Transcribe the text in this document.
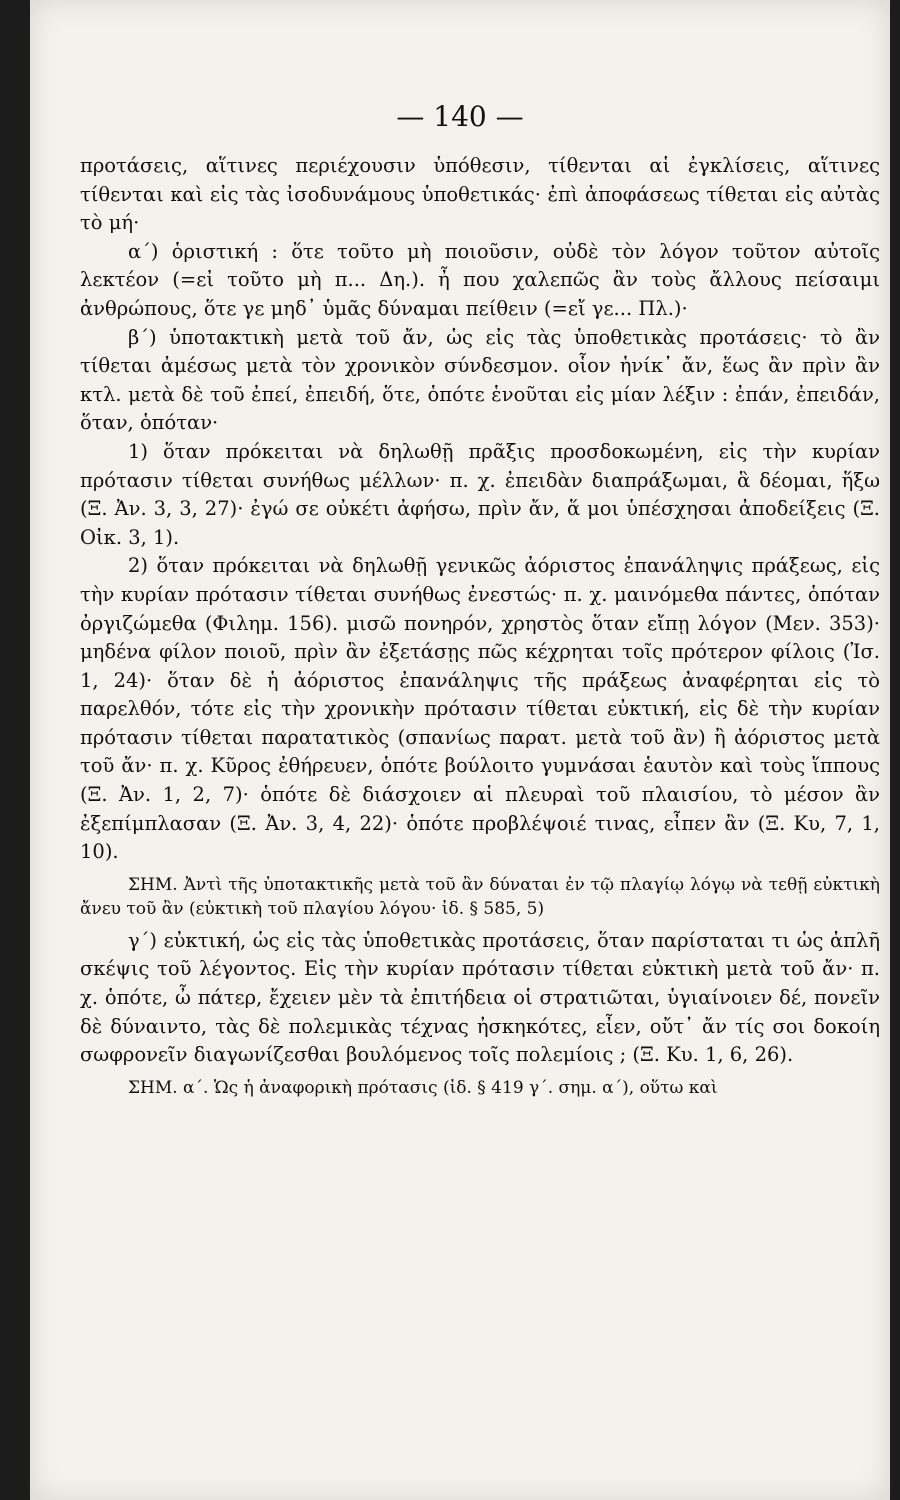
— 140 —

προτάσεις, αἵτινες περιέχουσιν ὑπόθεσιν, τίθενται αἱ ἐγκλίσεις, αἵτινες τίθενται καὶ εἰς τὰς ἰσοδυνάμους ὑποθετικάς· ἐπὶ ἀποφάσεως τίθεται εἰς αὐτὰς τὸ μή·

α΄) ὁριστική : ὅτε τοῦτο μὴ ποιοῦσιν, οὐδὲ τὸν λόγον τοῦτον αὐτοῖς λεκτέον (=εἰ τοῦτο μὴ π... Δη.). ἦ που χαλεπῶς ἂν τοὺς ἄλλους πείσαιμι ἀνθρώπους, ὅτε γε μηδ᾿ ὑμᾶς δύναμαι πείθειν (=εἴ γε... Πλ.)·

β΄) ὑποτακτικὴ μετὰ τοῦ ἄν, ὡς εἰς τὰς ὑποθετικὰς προτάσεις· τὸ ἂν τίθεται ἀμέσως μετὰ τὸν χρονικὸν σύνδεσμον. οἷον ἡνίκ᾿ ἄν, ἕως ἂν πρὶν ἂν κτλ. μετὰ δὲ τοῦ ἐπεί, ἐπειδή, ὅτε, ὁπότε ἑνοῦται εἰς μίαν λέξιν : ἐπάν, ἐπειδάν, ὅταν, ὁπόταν·

1) ὅταν πρόκειται νὰ δηλωθῇ πρᾶξις προσδοκωμένη, εἰς τὴν κυρίαν πρότασιν τίθεται συνήθως μέλλων· π. χ. ἐπειδὰν διαπράξωμαι, ἃ δέομαι, ἥξω (Ξ. Ἀν. 3, 3, 27)· ἐγώ σε οὐκέτι ἀφήσω, πρὶν ἄν, ἅ μοι ὑπέσχησαι ἀποδείξεις (Ξ. Οἰκ. 3, 1).

2) ὅταν πρόκειται νὰ δηλωθῇ γενικῶς ἀόριστος ἐπανάληψις πράξεως, εἰς τὴν κυρίαν πρότασιν τίθεται συνήθως ἐνεστώς· π. χ. μαινόμεθα πάντες, ὁπόταν ὀργιζώμεθα (Φιλημ. 156). μισῶ πονηρόν, χρηστὸς ὅταν εἴπῃ λόγον (Μεν. 353)· μηδένα φίλον ποιοῦ, πρὶν ἂν ἐξετάσῃς πῶς κέχρηται τοῖς πρότερον φίλοις (Ἰσ. 1, 24)· ὅταν δὲ ἡ ἀόριστος ἐπανάληψις τῆς πράξεως ἀναφέρηται εἰς τὸ παρελθόν, τότε εἰς τὴν χρονικὴν πρότασιν τίθεται εὐκτική, εἰς δὲ τὴν κυρίαν πρότασιν τίθεται παρατατικὸς (σπανίως παρατ. μετὰ τοῦ ἂν) ἢ ἀόριστος μετὰ τοῦ ἄν· π. χ. Κῦρος ἐθήρευεν, ὁπότε βούλοιτο γυμνάσαι ἑαυτὸν καὶ τοὺς ἵππους (Ξ. Ἀν. 1, 2, 7)· ὁπότε δὲ διάσχοιεν αἱ πλευραὶ τοῦ πλαισίου, τὸ μέσον ἂν ἐξεπίμπλασαν (Ξ. Ἀν. 3, 4, 22)· ὁπότε προβλέψοιέ τινας, εἶπεν ἂν (Ξ. Κυ, 7, 1, 10).

ΣΗΜ. Ἀντὶ τῆς ὑποτακτικῆς μετὰ τοῦ ἂν δύναται ἐν τῷ πλαγίῳ λόγῳ νὰ τεθῇ εὐκτικὴ ἄνευ τοῦ ἂν (εὐκτικὴ τοῦ πλαγίου λόγου· ἰδ. § 585, 5)

γ΄) εὐκτική, ὡς εἰς τὰς ὑποθετικὰς προτάσεις, ὅταν παρίσταται τι ὡς ἁπλῆ σκέψις τοῦ λέγοντος. Εἰς τὴν κυρίαν πρότασιν τίθεται εὐκτικὴ μετὰ τοῦ ἄν· π. χ. ὁπότε, ὦ πάτερ, ἔχειεν μὲν τὰ ἐπιτήδεια οἱ στρατιῶται, ὑγιαίνοιεν δέ, πονεῖν δὲ δύναιντο, τὰς δὲ πολεμικὰς τέχνας ἠσκηκότες, εἶεν, οὔτ᾿ ἄν τίς σοι δοκοίη σωφρονεῖν διαγωνίζεσθαι βουλόμενος τοῖς πολεμίοις ; (Ξ. Κυ. 1, 6, 26).

ΣΗΜ. α΄. Ὡς ἡ ἀναφορικὴ πρότασις (ἰδ. § 419 γ΄. σημ. α΄), οὕτω καὶ
